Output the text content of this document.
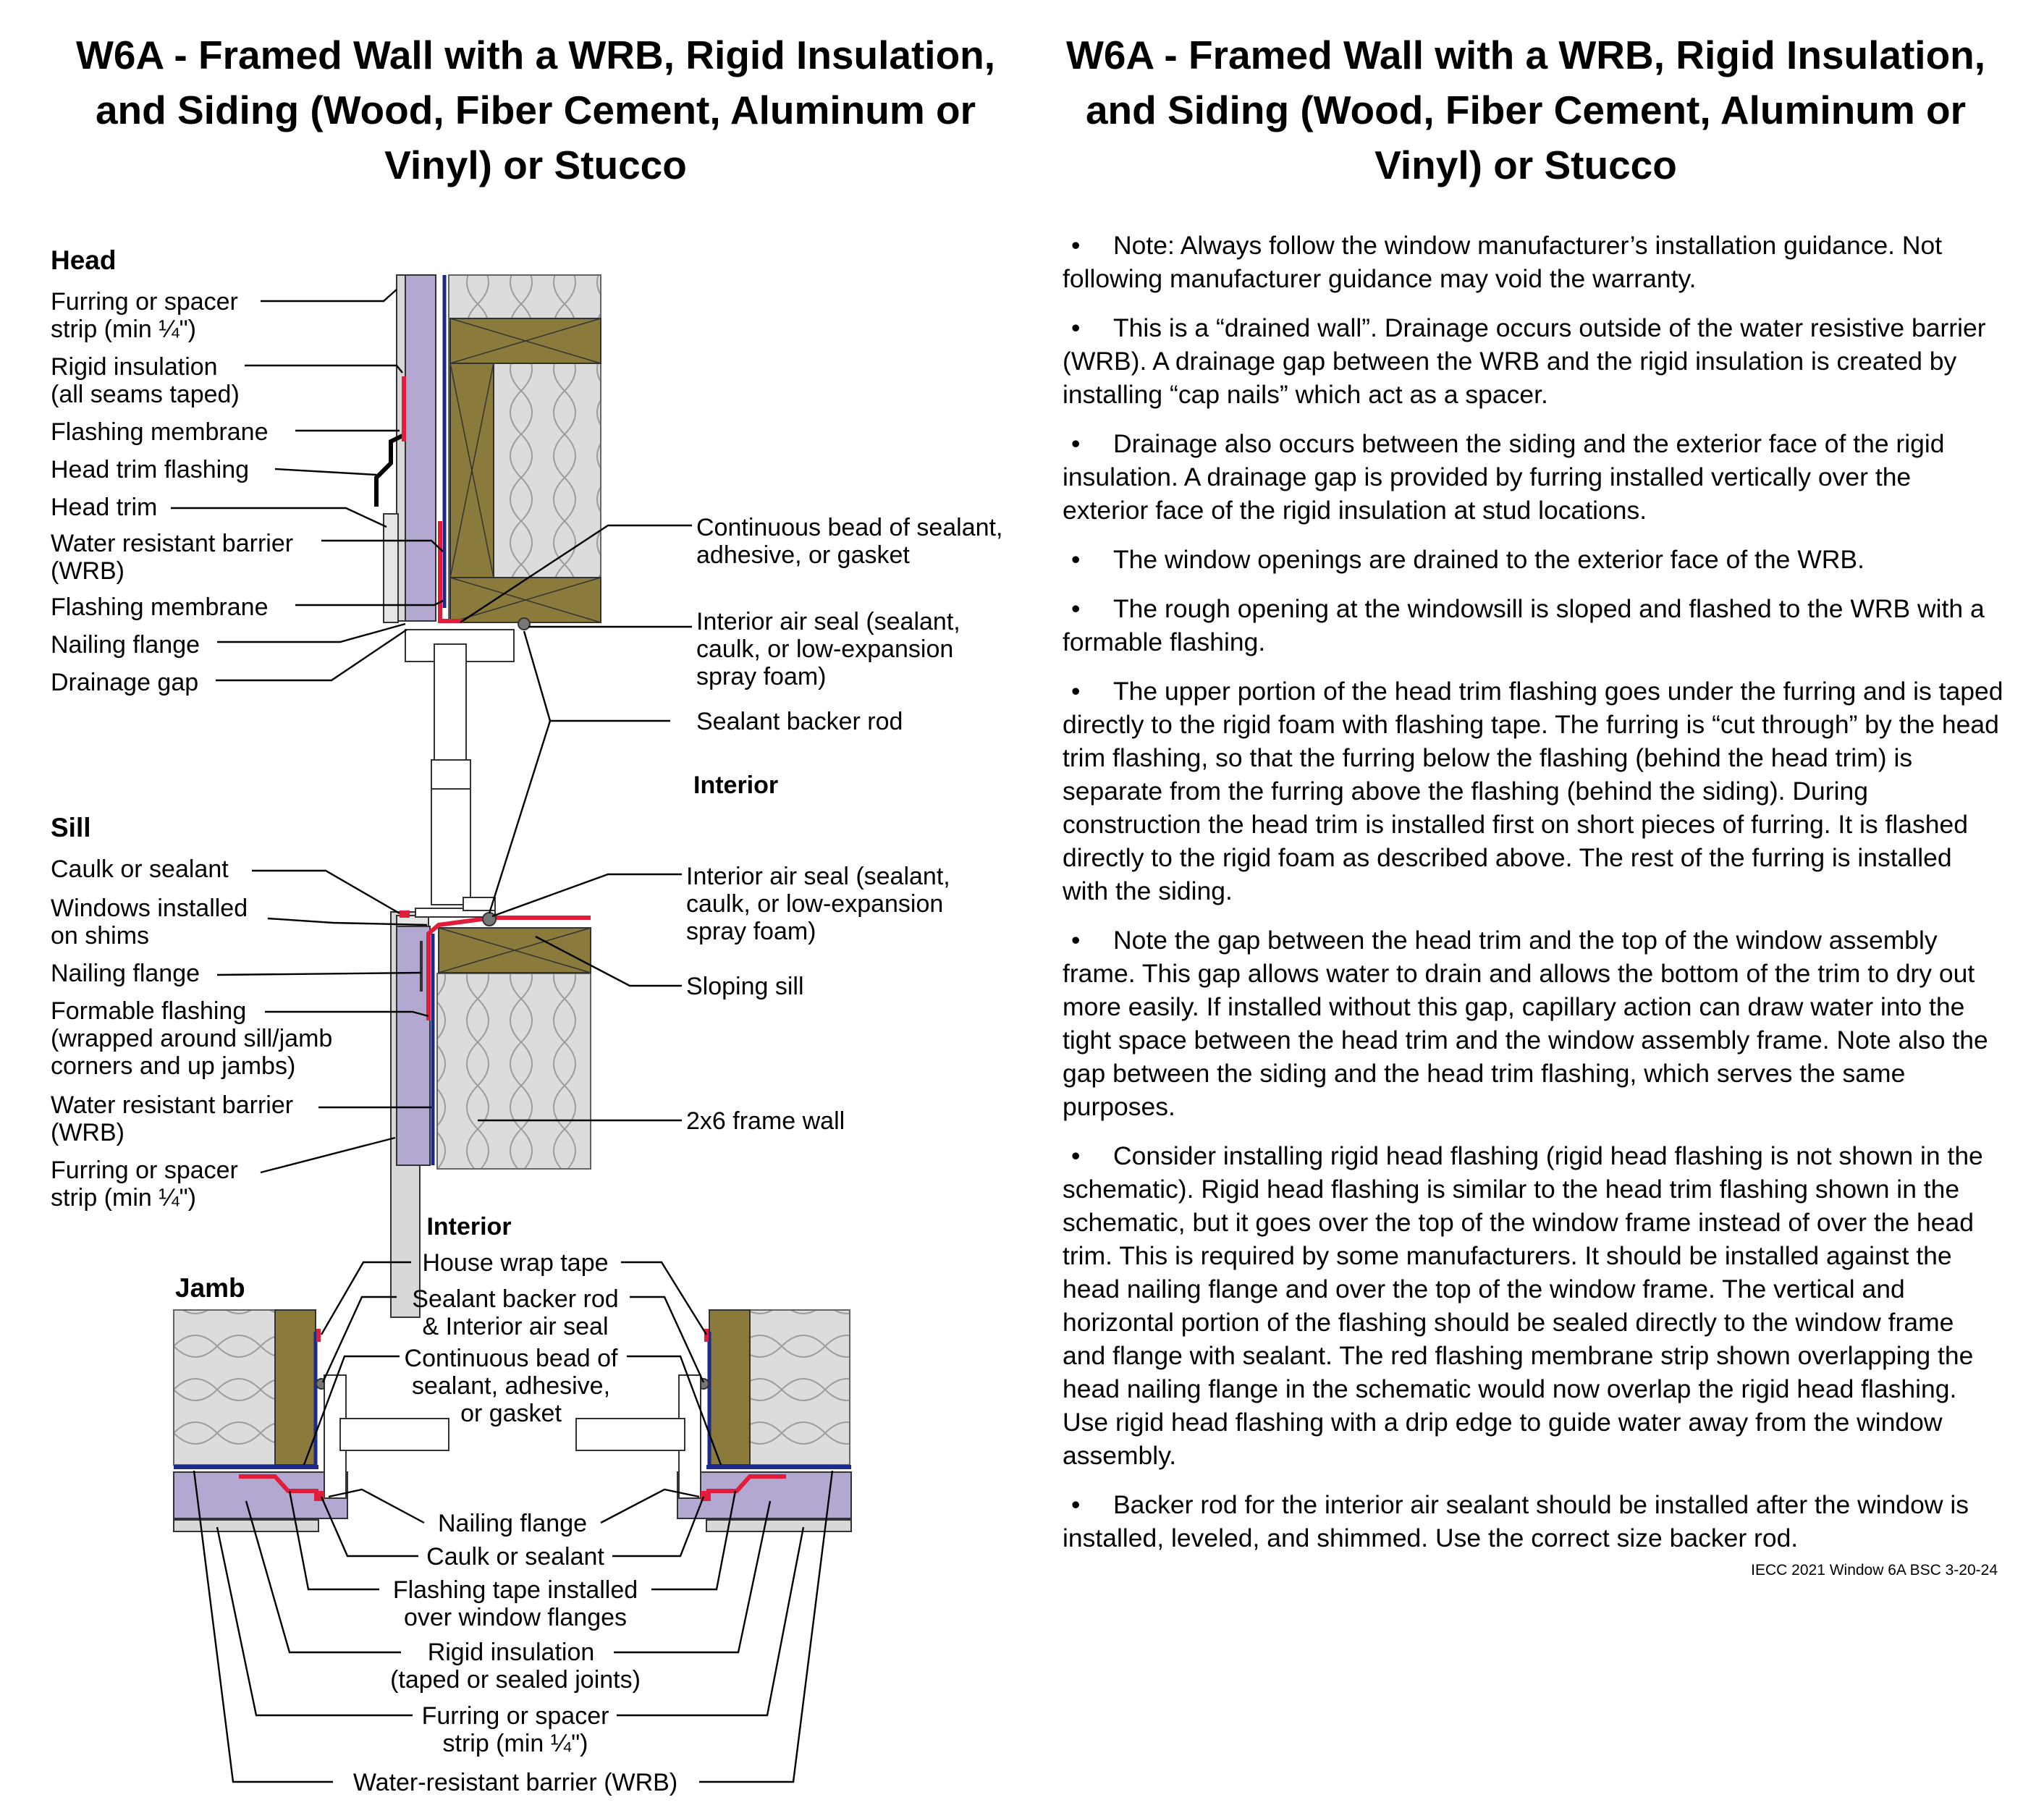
W6A - Framed Wall with a WRB, Rigid Insulation, and Siding (Wood, Fiber Cement, Aluminum or Vinyl) or Stucco
W6A - Framed Wall with a WRB, Rigid Insulation, and Siding (Wood, Fiber Cement, Aluminum or Vinyl) or Stucco
Head
Furring or spacer
strip (min ¼")
Rigid insulation
(all seams taped)
Flashing membrane
Head trim flashing
Head trim
Water resistant barrier
(WRB)
Flashing membrane
Nailing flange
Drainage gap
Continuous bead of sealant,
adhesive, or gasket
Interior air seal (sealant,
caulk, or low-expansion
spray foam)
Sealant backer rod
Interior
Sill
Caulk or sealant
Windows installed
on shims
Nailing flange
Formable flashing
(wrapped around sill/jamb
corners and up jambs)
Water resistant barrier
(WRB)
Furring or spacer
strip (min ¼")
Interior air seal (sealant,
caulk, or low-expansion
spray foam)
Sloping sill
2x6 frame wall
Interior
Jamb
House wrap tape
Sealant backer rod
& Interior air seal
Continuous bead of
sealant, adhesive,
or gasket
Nailing flange
Caulk or sealant
Flashing tape installed
over window flanges
Rigid insulation
(taped or sealed joints)
Furring or spacer
strip (min ¼")
Water-resistant barrier (WRB)

• Note: Always follow the window manufacturer’s installation guidance. Not following manufacturer guidance may void the warranty.

• This is a “drained wall”. Drainage occurs outside of the water resistive barrier (WRB). A drainage gap between the WRB and the rigid insulation is created by installing “cap nails” which act as a spacer.

• Drainage also occurs between the siding and the exterior face of the rigid insulation. A drainage gap is provided by furring installed vertically over the exterior face of the rigid insulation at stud locations.

• The window openings are drained to the exterior face of the WRB.

• The rough opening at the windowsill is sloped and flashed to the WRB with a formable flashing.

• The upper portion of the head trim flashing goes under the furring and is taped directly to the rigid foam with flashing tape. The furring is “cut through” by the head trim flashing, so that the furring below the flashing (behind the head trim) is separate from the furring above the flashing (behind the siding). During construction the head trim is installed first on short pieces of furring. It is flashed directly to the rigid foam as described above. The rest of the furring is installed with the siding.

• Note the gap between the head trim and the top of the window assembly frame. This gap allows water to drain and allows the bottom of the trim to dry out more easily. If installed without this gap, capillary action can draw water into the tight space between the head trim and the window assembly frame. Note also the gap between the siding and the head trim flashing, which serves the same purposes.

• Consider installing rigid head flashing (rigid head flashing is not shown in the schematic). Rigid head flashing is similar to the head trim flashing shown in the schematic, but it goes over the top of the window frame instead of over the head trim. This is required by some manufacturers. It should be installed against the head nailing flange and over the top of the window frame. The vertical and horizontal portion of the flashing should be sealed directly to the window frame and flange with sealant. The red flashing membrane strip shown overlapping the head nailing flange in the schematic would now overlap the rigid head flashing. Use rigid head flashing with a drip edge to guide water away from the window assembly.

• Backer rod for the interior air sealant should be installed after the window is installed, leveled, and shimmed. Use the correct size backer rod.

IECC 2021 Window 6A BSC 3-20-24
